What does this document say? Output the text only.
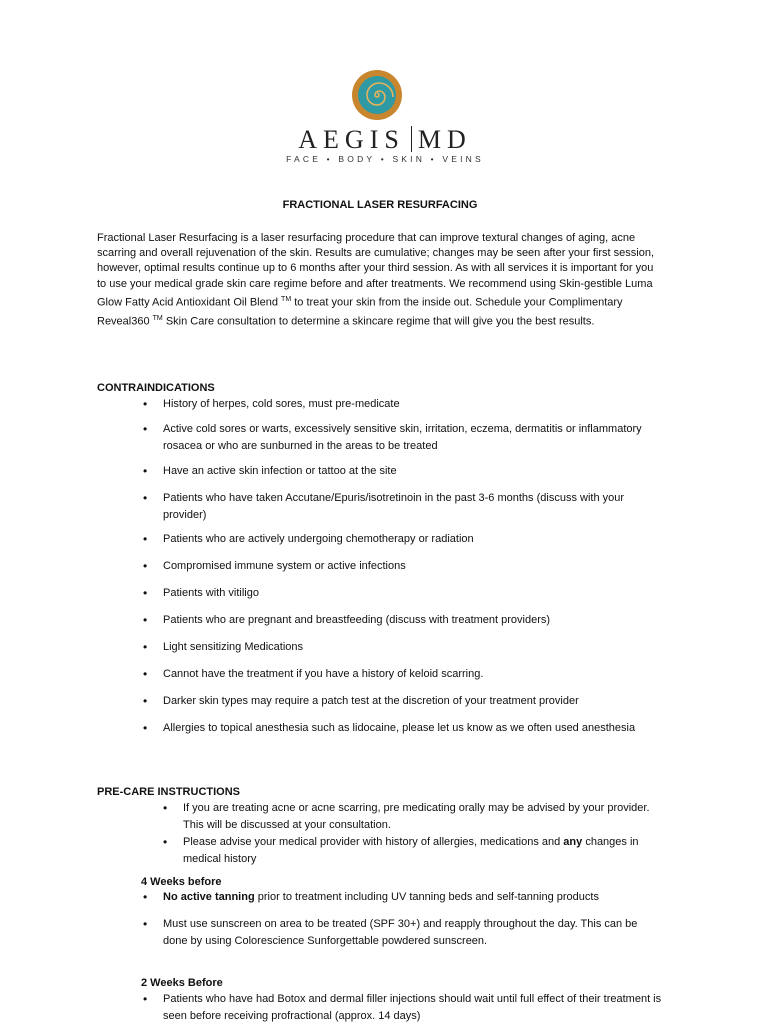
AEGIS MD
FACE • BODY • SKIN • VEINS
FRACTIONAL LASER RESURFACING
Fractional Laser Resurfacing is a laser resurfacing procedure that can improve textural changes of aging, acne scarring and overall rejuvenation of the skin. Results are cumulative; changes may be seen after your first session, however, optimal results continue up to 6 months after your third session. As with all services it is important for you to use your medical grade skin care regime before and after treatments. We recommend using Skin-gestible Luma Glow Fatty Acid Antioxidant Oil Blend ™ to treat your skin from the inside out. Schedule your Complimentary Reveal360 ™ Skin Care consultation to determine a skincare regime that will give you the best results.
CONTRAINDICATIONS
• History of herpes, cold sores, must pre-medicate
• Active cold sores or warts, excessively sensitive skin, irritation, eczema, dermatitis or inflammatory rosacea or who are sunburned in the areas to be treated
• Have an active skin infection or tattoo at the site
• Patients who have taken Accutane/Epuris/isotretinoin in the past 3-6 months (discuss with your provider)
• Patients who are actively undergoing chemotherapy or radiation
• Compromised immune system or active infections
• Patients with vitiligo
• Patients who are pregnant and breastfeeding (discuss with treatment providers)
• Light sensitizing Medications
• Cannot have the treatment if you have a history of keloid scarring.
• Darker skin types may require a patch test at the discretion of your treatment provider
• Allergies to topical anesthesia such as lidocaine, please let us know as we often used anesthesia
PRE-CARE INSTRUCTIONS
• If you are treating acne or acne scarring, pre medicating orally may be advised by your provider. This will be discussed at your consultation.
• Please advise your medical provider with history of allergies, medications and any changes in medical history
4 Weeks before
• No active tanning prior to treatment including UV tanning beds and self-tanning products
• Must use sunscreen on area to be treated (SPF 30+) and reapply throughout the day. This can be done by using Colorescience Sunforgettable powdered sunscreen.
2 Weeks Before
• Patients who have had Botox and dermal filler injections should wait until full effect of their treatment is seen before receiving profractional (approx. 14 days)
